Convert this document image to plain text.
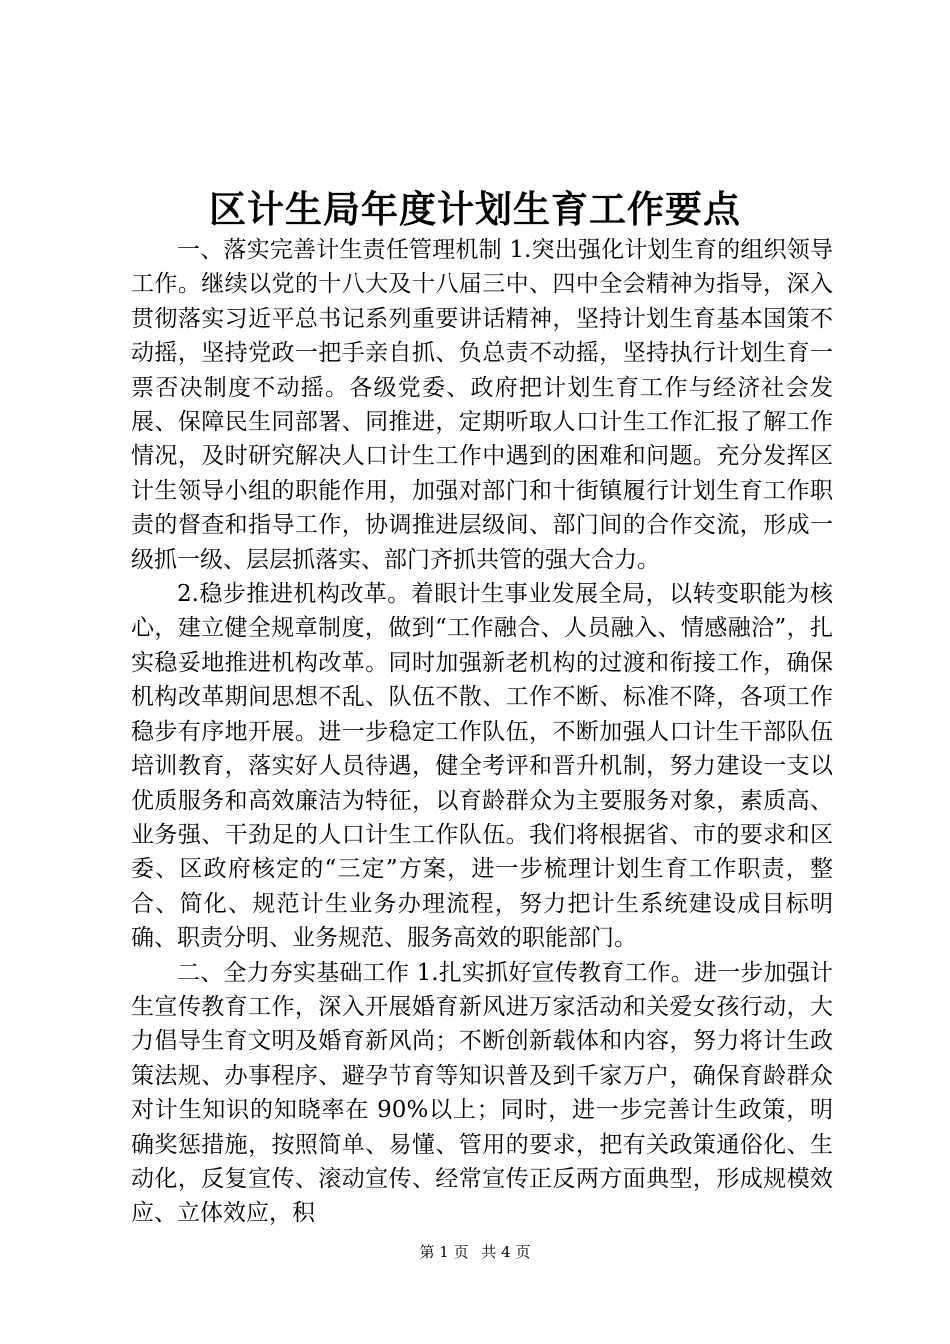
区计生局年度计划生育工作要点

一、落实完善计生责任管理机制 1.突出强化计划生育的组织领导工作。继续以党的十八大及十八届三中、四中全会精神为指导，深入贯彻落实习近平总书记系列重要讲话精神，坚持计划生育基本国策不动摇，坚持党政一把手亲自抓、负总责不动摇，坚持执行计划生育一票否决制度不动摇。各级党委、政府把计划生育工作与经济社会发展、保障民生同部署、同推进，定期听取人口计生工作汇报了解工作情况，及时研究解决人口计生工作中遇到的困难和问题。充分发挥区计生领导小组的职能作用，加强对部门和十街镇履行计划生育工作职责的督查和指导工作，协调推进层级间、部门间的合作交流，形成一级抓一级、层层抓落实、部门齐抓共管的强大合力。

2.稳步推进机构改革。着眼计生事业发展全局，以转变职能为核心，建立健全规章制度，做到“工作融合、人员融入、情感融洽”，扎实稳妥地推进机构改革。同时加强新老机构的过渡和衔接工作，确保机构改革期间思想不乱、队伍不散、工作不断、标准不降，各项工作稳步有序地开展。进一步稳定工作队伍，不断加强人口计生干部队伍培训教育，落实好人员待遇，健全考评和晋升机制，努力建设一支以优质服务和高效廉洁为特征，以育龄群众为主要服务对象，素质高、业务强、干劲足的人口计生工作队伍。我们将根据省、市的要求和区委、区政府核定的“三定”方案，进一步梳理计划生育工作职责，整合、简化、规范计生业务办理流程，努力把计生系统建设成目标明确、职责分明、业务规范、服务高效的职能部门。

二、全力夯实基础工作 1.扎实抓好宣传教育工作。进一步加强计生宣传教育工作，深入开展婚育新风进万家活动和关爱女孩行动，大力倡导生育文明及婚育新风尚；不断创新载体和内容，努力将计生政策法规、办事程序、避孕节育等知识普及到千家万户，确保育龄群众对计生知识的知晓率在 90%以上；同时，进一步完善计生政策，明确奖惩措施，按照简单、易懂、管用的要求，把有关政策通俗化、生动化，反复宣传、滚动宣传、经常宣传正反两方面典型，形成规模效应、立体效应，积

第 1 页 共 4 页
